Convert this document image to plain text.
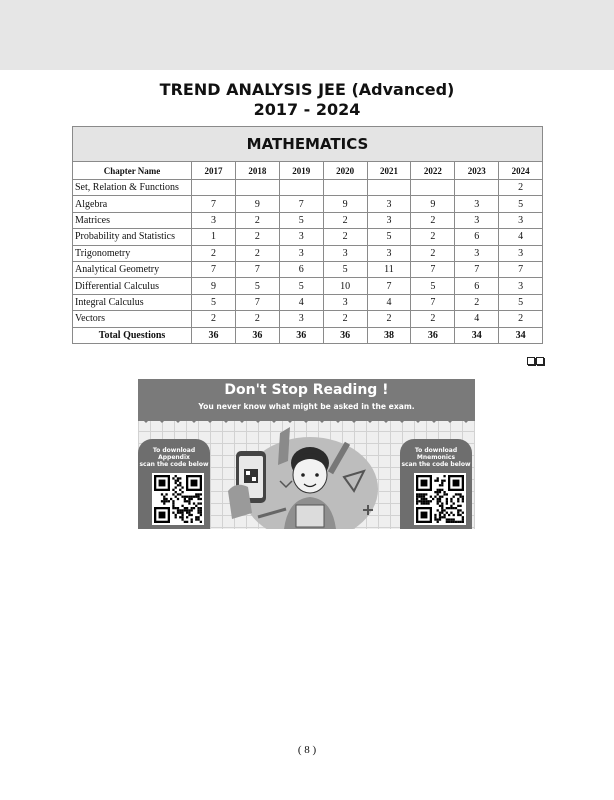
TREND ANALYSIS JEE (Advanced)
2017 - 2024
MATHEMATICS								
Chapter Name	2017	2018	2019	2020	2021	2022	2023	2024
Set, Relation & Functions								2
Algebra	7	9	7	9	3	9	3	5
Matrices	3	2	5	2	3	2	3	3
Probability and Statistics	1	2	3	2	5	2	6	4
Trigonometry	2	2	3	3	3	2	3	3
Analytical Geometry	7	7	6	5	11	7	7	7
Differential Calculus	9	5	5	10	7	5	6	3
Integral Calculus	5	7	4	3	4	7	2	5
Vectors	2	2	3	2	2	2	4	2
Total Questions	36	36	36	36	38	36	34	34
Don't Stop Reading !
You never know what might be asked in the exam.
To download
Appendix
scan the code below
To download
Mnemonics
scan the code below
( 8 )
